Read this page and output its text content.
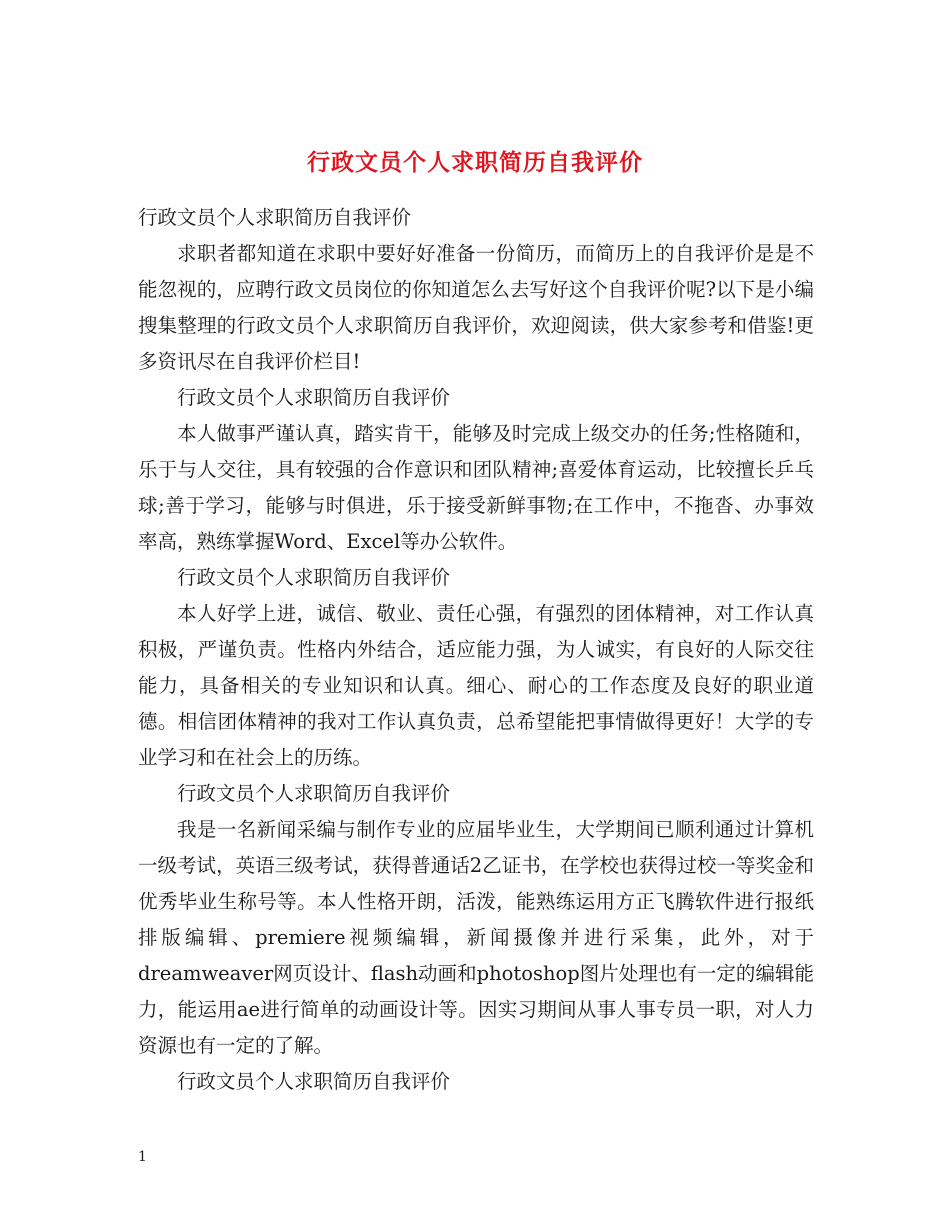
行政文员个人求职简历自我评价

行政文员个人求职简历自我评价

求职者都知道在求职中要好好准备一份简历，而简历上的自我评价是是不能忽视的，应聘行政文员岗位的你知道怎么去写好这个自我评价呢?以下是小编搜集整理的行政文员个人求职简历自我评价，欢迎阅读，供大家参考和借鉴!更多资讯尽在自我评价栏目!

行政文员个人求职简历自我评价

本人做事严谨认真，踏实肯干，能够及时完成上级交办的任务;性格随和，乐于与人交往，具有较强的合作意识和团队精神;喜爱体育运动，比较擅长乒乓球;善于学习，能够与时俱进，乐于接受新鲜事物;在工作中，不拖沓、办事效率高，熟练掌握Word、Excel等办公软件。

行政文员个人求职简历自我评价

本人好学上进，诚信、敬业、责任心强，有强烈的团体精神，对工作认真积极，严谨负责。性格内外结合，适应能力强，为人诚实，有良好的人际交往能力，具备相关的专业知识和认真。细心、耐心的工作态度及良好的职业道德。相信团体精神的我对工作认真负责，总希望能把事情做得更好！大学的专业学习和在社会上的历练。

行政文员个人求职简历自我评价

我是一名新闻采编与制作专业的应届毕业生，大学期间已顺利通过计算机一级考试，英语三级考试，获得普通话2乙证书，在学校也获得过校一等奖金和优秀毕业生称号等。本人性格开朗，活泼，能熟练运用方正飞腾软件进行报纸排版编辑、premiere视频编辑，新闻摄像并进行采集，此外，对于dreamweaver网页设计、flash动画和photoshop图片处理也有一定的编辑能力，能运用ae进行简单的动画设计等。因实习期间从事人事专员一职，对人力资源也有一定的了解。

行政文员个人求职简历自我评价

1
